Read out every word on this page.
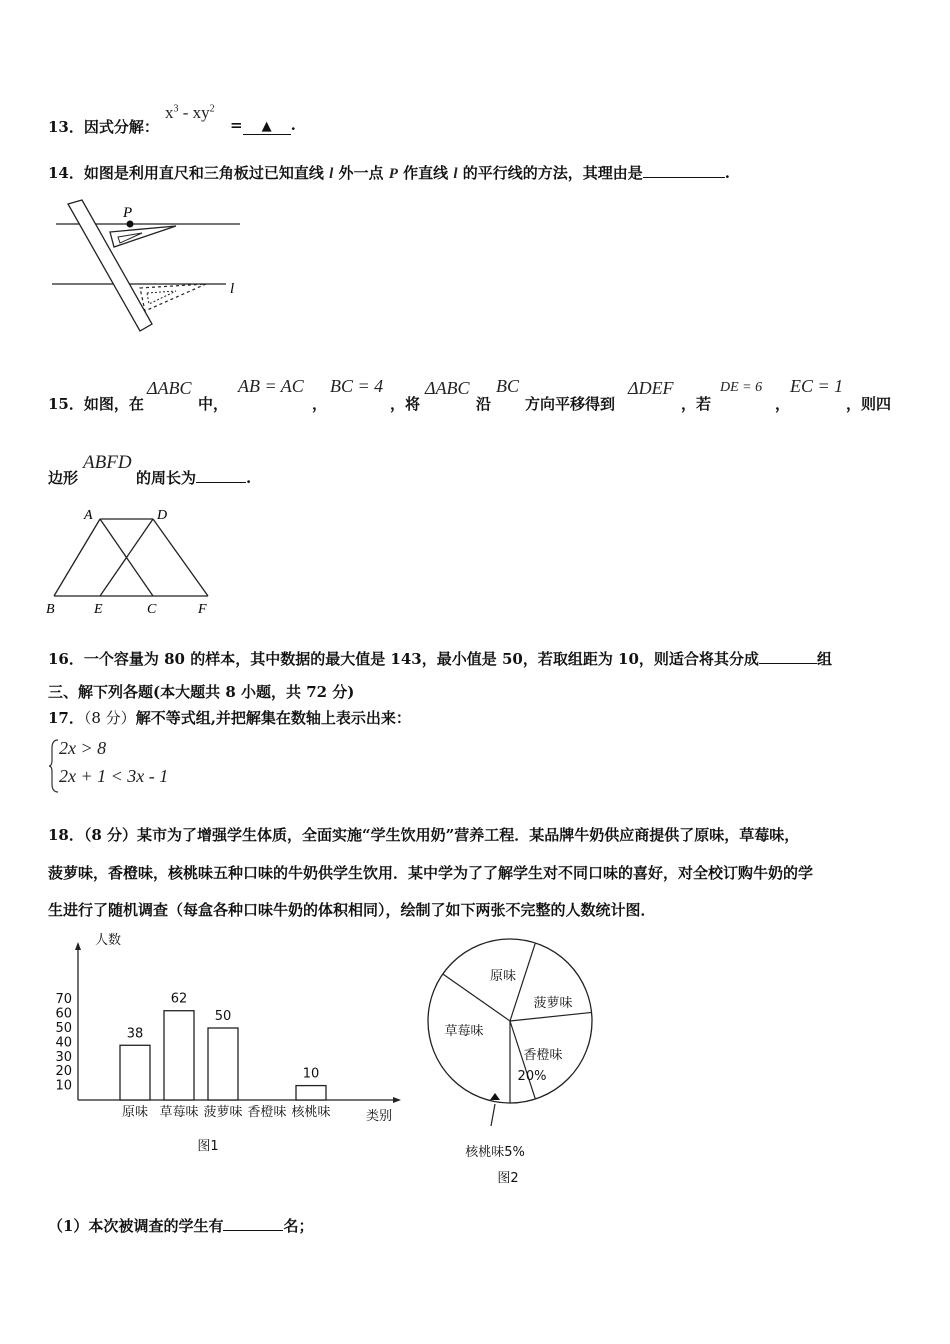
13．因式分解：
$x^3 - xy^2$
= ▲ .
14．如图是利用直尺和三角板过已知直线 l 外一点 P 作直线 l 的平行线的方法，其理由是	.
P
l
15．如图，在
ΔABC
中，
AB = AC
，
BC = 4
，将
ΔABC
沿
BC
方向平移得到
ΔDEF
，若
DE = 6
，
EC = 1
，则四
边形
ABFD
的周长为	.
A	D
B	E	C	F
16．一个容量为 80 的样本，其中数据的最大值是 143，最小值是 50，若取组距为 10，则适合将其分成	组
三、解下列各题(本大题共 8 小题，共 72 分)
17．（8 分）解不等式组,并把解集在数轴上表示出来：
2x > 8
2x + 1 < 3x - 1
18．（8 分）某市为了增强学生体质，全面实施“学生饮用奶”营养工程．某品牌牛奶供应商提供了原味，草莓味，
菠萝味，香橙味，核桃味五种口味的牛奶供学生饮用．某中学为了了解学生对不同口味的喜好，对全校订购牛奶的学
生进行了随机调查（每盒各种口味牛奶的体积相同），绘制了如下两张不完整的人数统计图．
人数
类别
10
20
30
40
50
60
70
原味
38
草莓味
62
菠萝味
50
香橙味 核桃味
10
图1
原味
菠萝味
香橙味
草莓味
20%
核桃味5%
图2
（1）本次被调查的学生有	名；
